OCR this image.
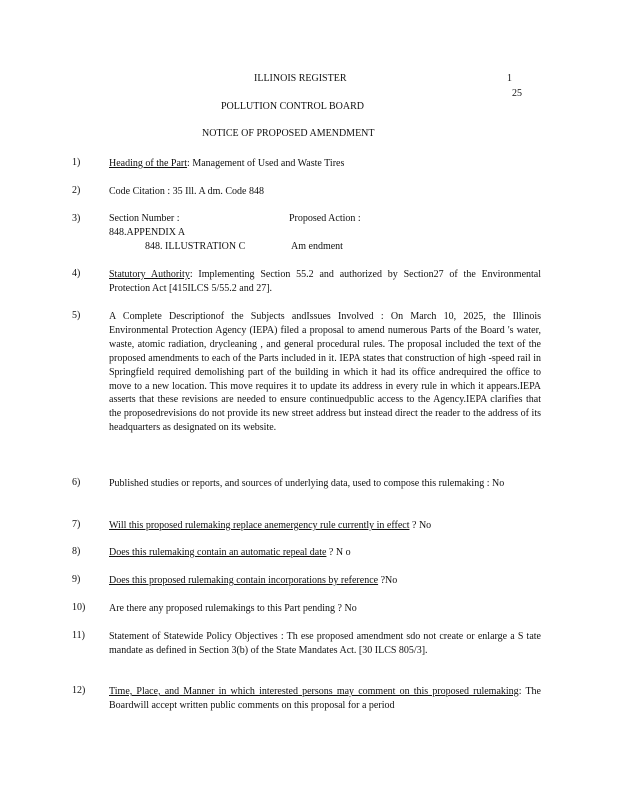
ILLINOIS REGISTER	1
25
POLLUTION CONTROL BOARD
NOTICE OF PROPOSED AMENDMENT
1)	Heading of the Part: Management of Used and Waste Tires
2)	Code Citation : 35 Ill. A dm. Code 848
3)	Section Number :	Proposed Action :
848.APPENDIX A
848. ILLUSTRATION C	Am endment
4)	Statutory Authority: Implementing Section 55.2 and authorized by Section27 of the Environmental Protection Act [415ILCS 5/55.2 and 27].
5)	A Complete Descriptionof the Subjects andIssues Involved : On March 10, 2025, the Illinois Environmental Protection Agency (IEPA) filed a proposal to amend numerous Parts of the Board 's water, waste, atomic radiation, drycleaning , and general procedural rules. The proposal included the text of the proposed amendments to each of the Parts included in it. IEPA states that construction of high -speed rail in Springfield required demolishing part of the building in which it had its office andrequired the office to move to a new location. This move requires it to update its address in every rule in which it appears.IEPA asserts that these revisions are needed to ensure continuedpublic access to the Agency.IEPA clarifies that the proposedrevisions do not provide its new street address but instead direct the reader to the address of its headquarters as designated on its website.
6)	Published studies or reports, and sources of underlying data, used to compose this rulemaking : No
7)	Will this proposed rulemaking replace anemergency rule currently in effect ? No
8)	Does this rulemaking contain an automatic repeal date ? N o
9)	Does this proposed rulemaking contain incorporations by reference ?No
10)	Are there any proposed rulemakings to this Part pending ? No
11)	Statement of Statewide Policy Objectives : Th ese proposed amendment sdo not create or enlarge a S tate mandate as defined in Section 3(b) of the State Mandates Act. [30 ILCS 805/3].
12)	Time, Place, and Manner in which interested persons may comment on this proposed rulemaking: The Boardwill accept written public comments on this proposal for a period
